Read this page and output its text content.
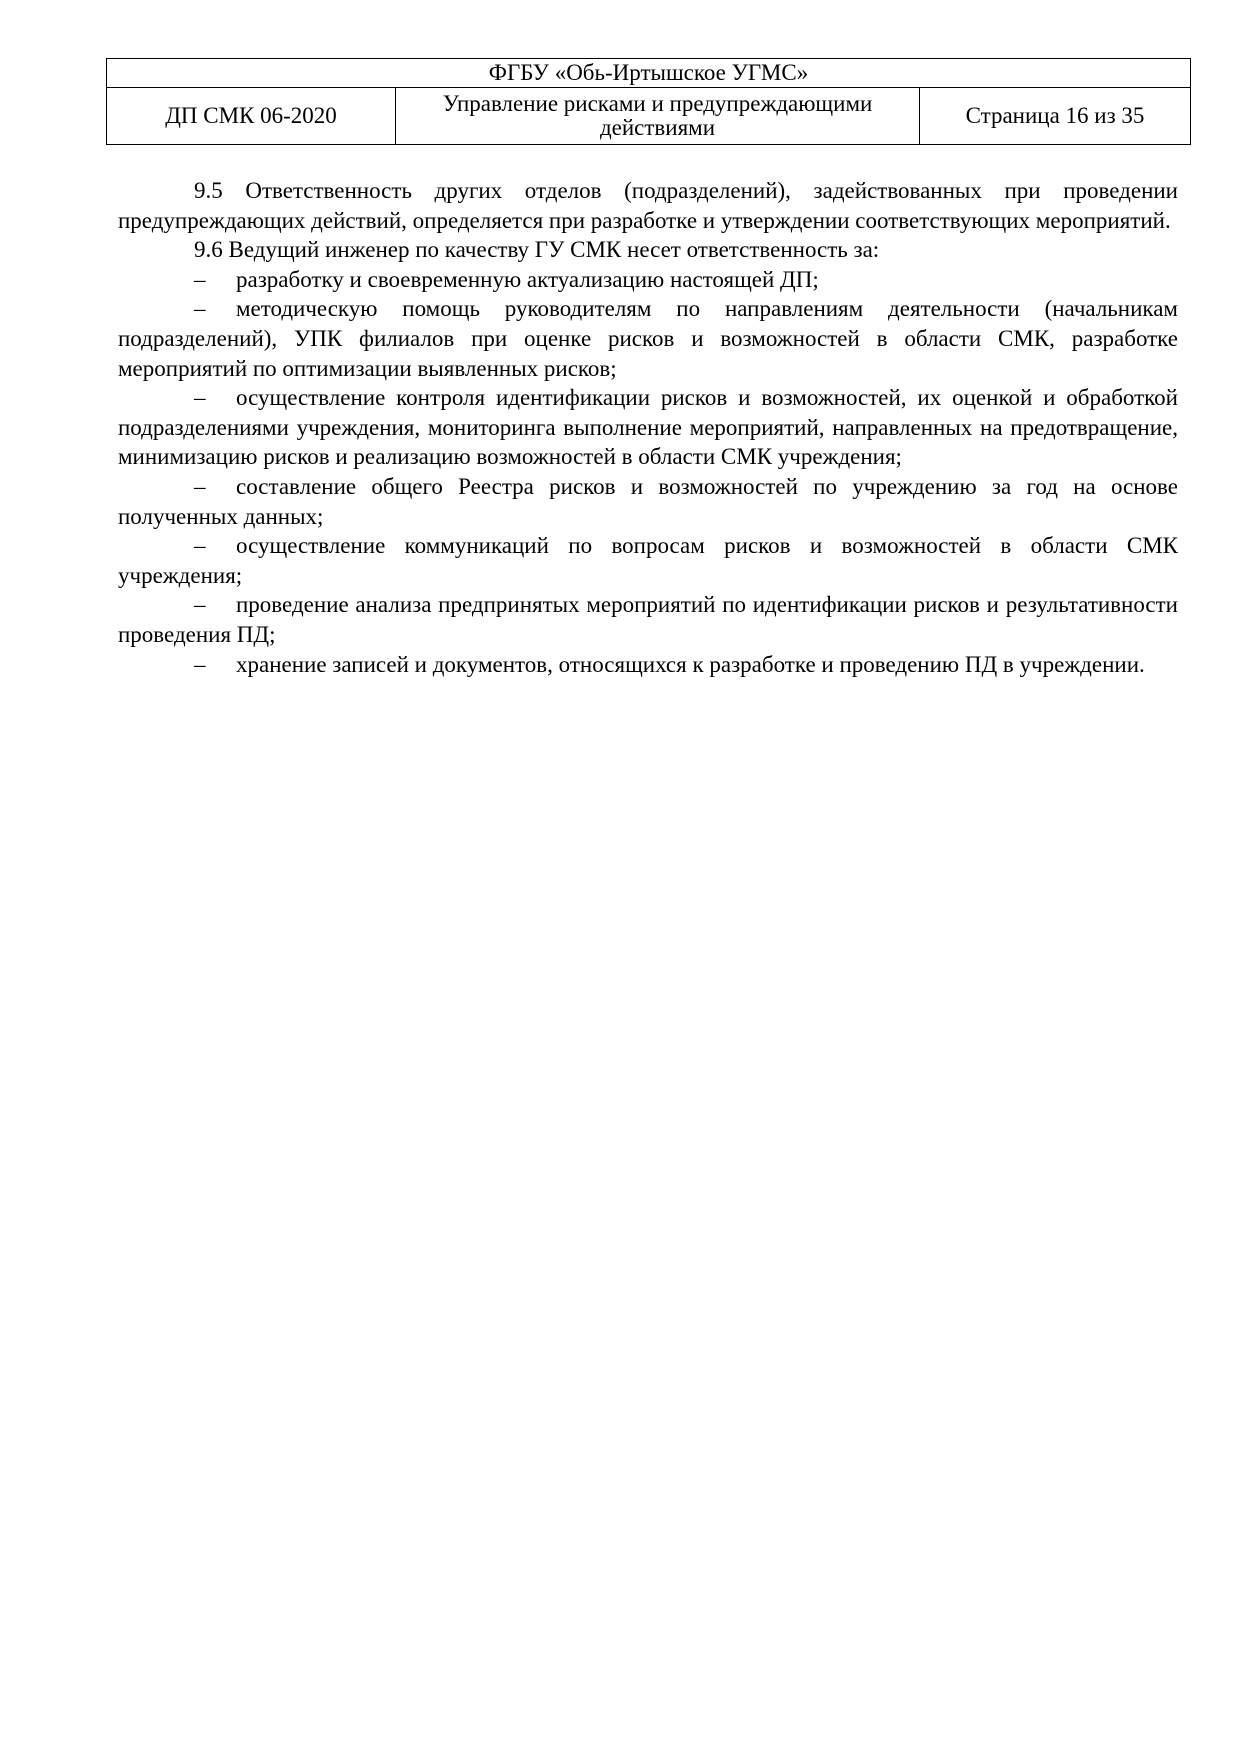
ФГБУ «Обь-Иртышское УГМС»
ДП СМК 06-2020	Управление рисками и предупреждающими действиями	Страница 16 из 35

9.5 Ответственность других отделов (подразделений), задействованных при проведении предупреждающих действий, определяется при разработке и утверждении соответствующих мероприятий.

9.6 Ведущий инженер по качеству ГУ СМК несет ответственность за:

– разработку и своевременную актуализацию настоящей ДП;

– методическую помощь руководителям по направлениям деятельности (начальникам подразделений), УПК филиалов при оценке рисков и возможностей в области СМК, разработке мероприятий по оптимизации выявленных рисков;

– осуществление контроля идентификации рисков и возможностей, их оценкой и обработкой подразделениями учреждения, мониторинга выполнение мероприятий, направленных на предотвращение, минимизацию рисков и реализацию возможностей в области СМК учреждения;

– составление общего Реестра рисков и возможностей по учреждению за год на основе полученных данных;

– осуществление коммуникаций по вопросам рисков и возможностей в области СМК учреждения;

– проведение анализа предпринятых мероприятий по идентификации рисков и результативности проведения ПД;

– хранение записей и документов, относящихся к разработке и проведению ПД в учреждении.
